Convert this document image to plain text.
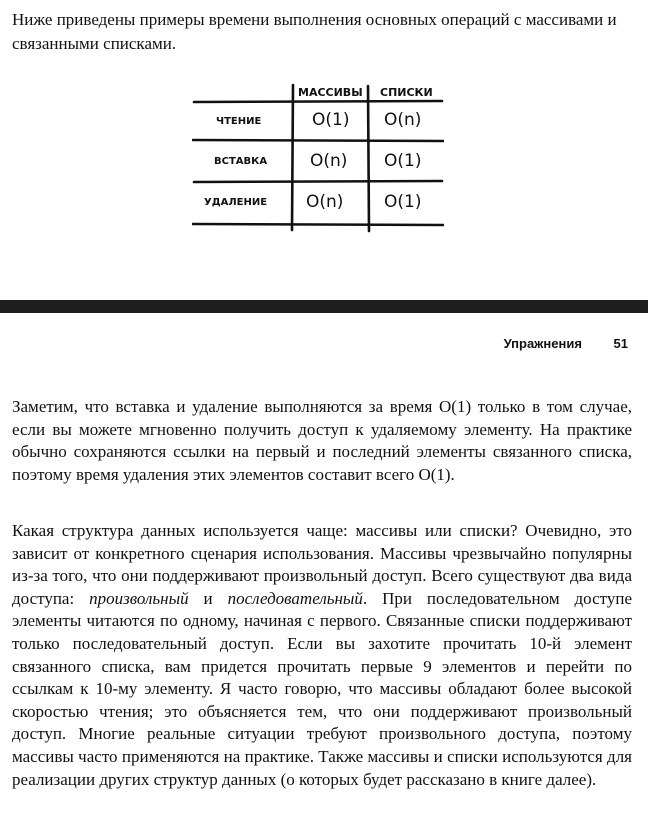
Ниже приведены примеры времени выполнения основных операций с массивами и связанными списками.

МАССИВЫ СПИСКИ
ЧТЕНИЕ	O(1) O(n)
ВСТАВКА	O(n) O(1)
УДАЛЕНИЕ O(n) O(1)
Упражнения 51

Заметим, что вставка и удаление выполняются за время O(1) только в том случае, если вы можете мгновенно получить доступ к удаляемому элементу. На практике обычно сохраняются ссылки на первый и последний элементы связанного списка, поэтому время удаления этих элементов составит всего O(1).

Какая структура данных используется чаще: массивы или списки? Очевидно, это зависит от конкретного сценария использования. Массивы чрезвычайно популярны из-за того, что они поддерживают произвольный доступ. Всего существуют два вида доступа: произвольный и последовательный. При последовательном доступе элементы читаются по одному, начиная с первого. Связанные списки поддерживают только последовательный доступ. Если вы захотите прочитать 10-й элемент связанного списка, вам придется прочитать первые 9 элементов и перейти по ссылкам к 10-му элементу. Я часто говорю, что массивы обладают более высокой скоростью чтения; это объясняется тем, что они поддерживают произвольный доступ. Многие реальные ситуации требуют произвольного доступа, поэтому массивы часто применяются на практике. Также массивы и списки используются для реализации других структур данных (о которых будет рассказано в книге далее).
